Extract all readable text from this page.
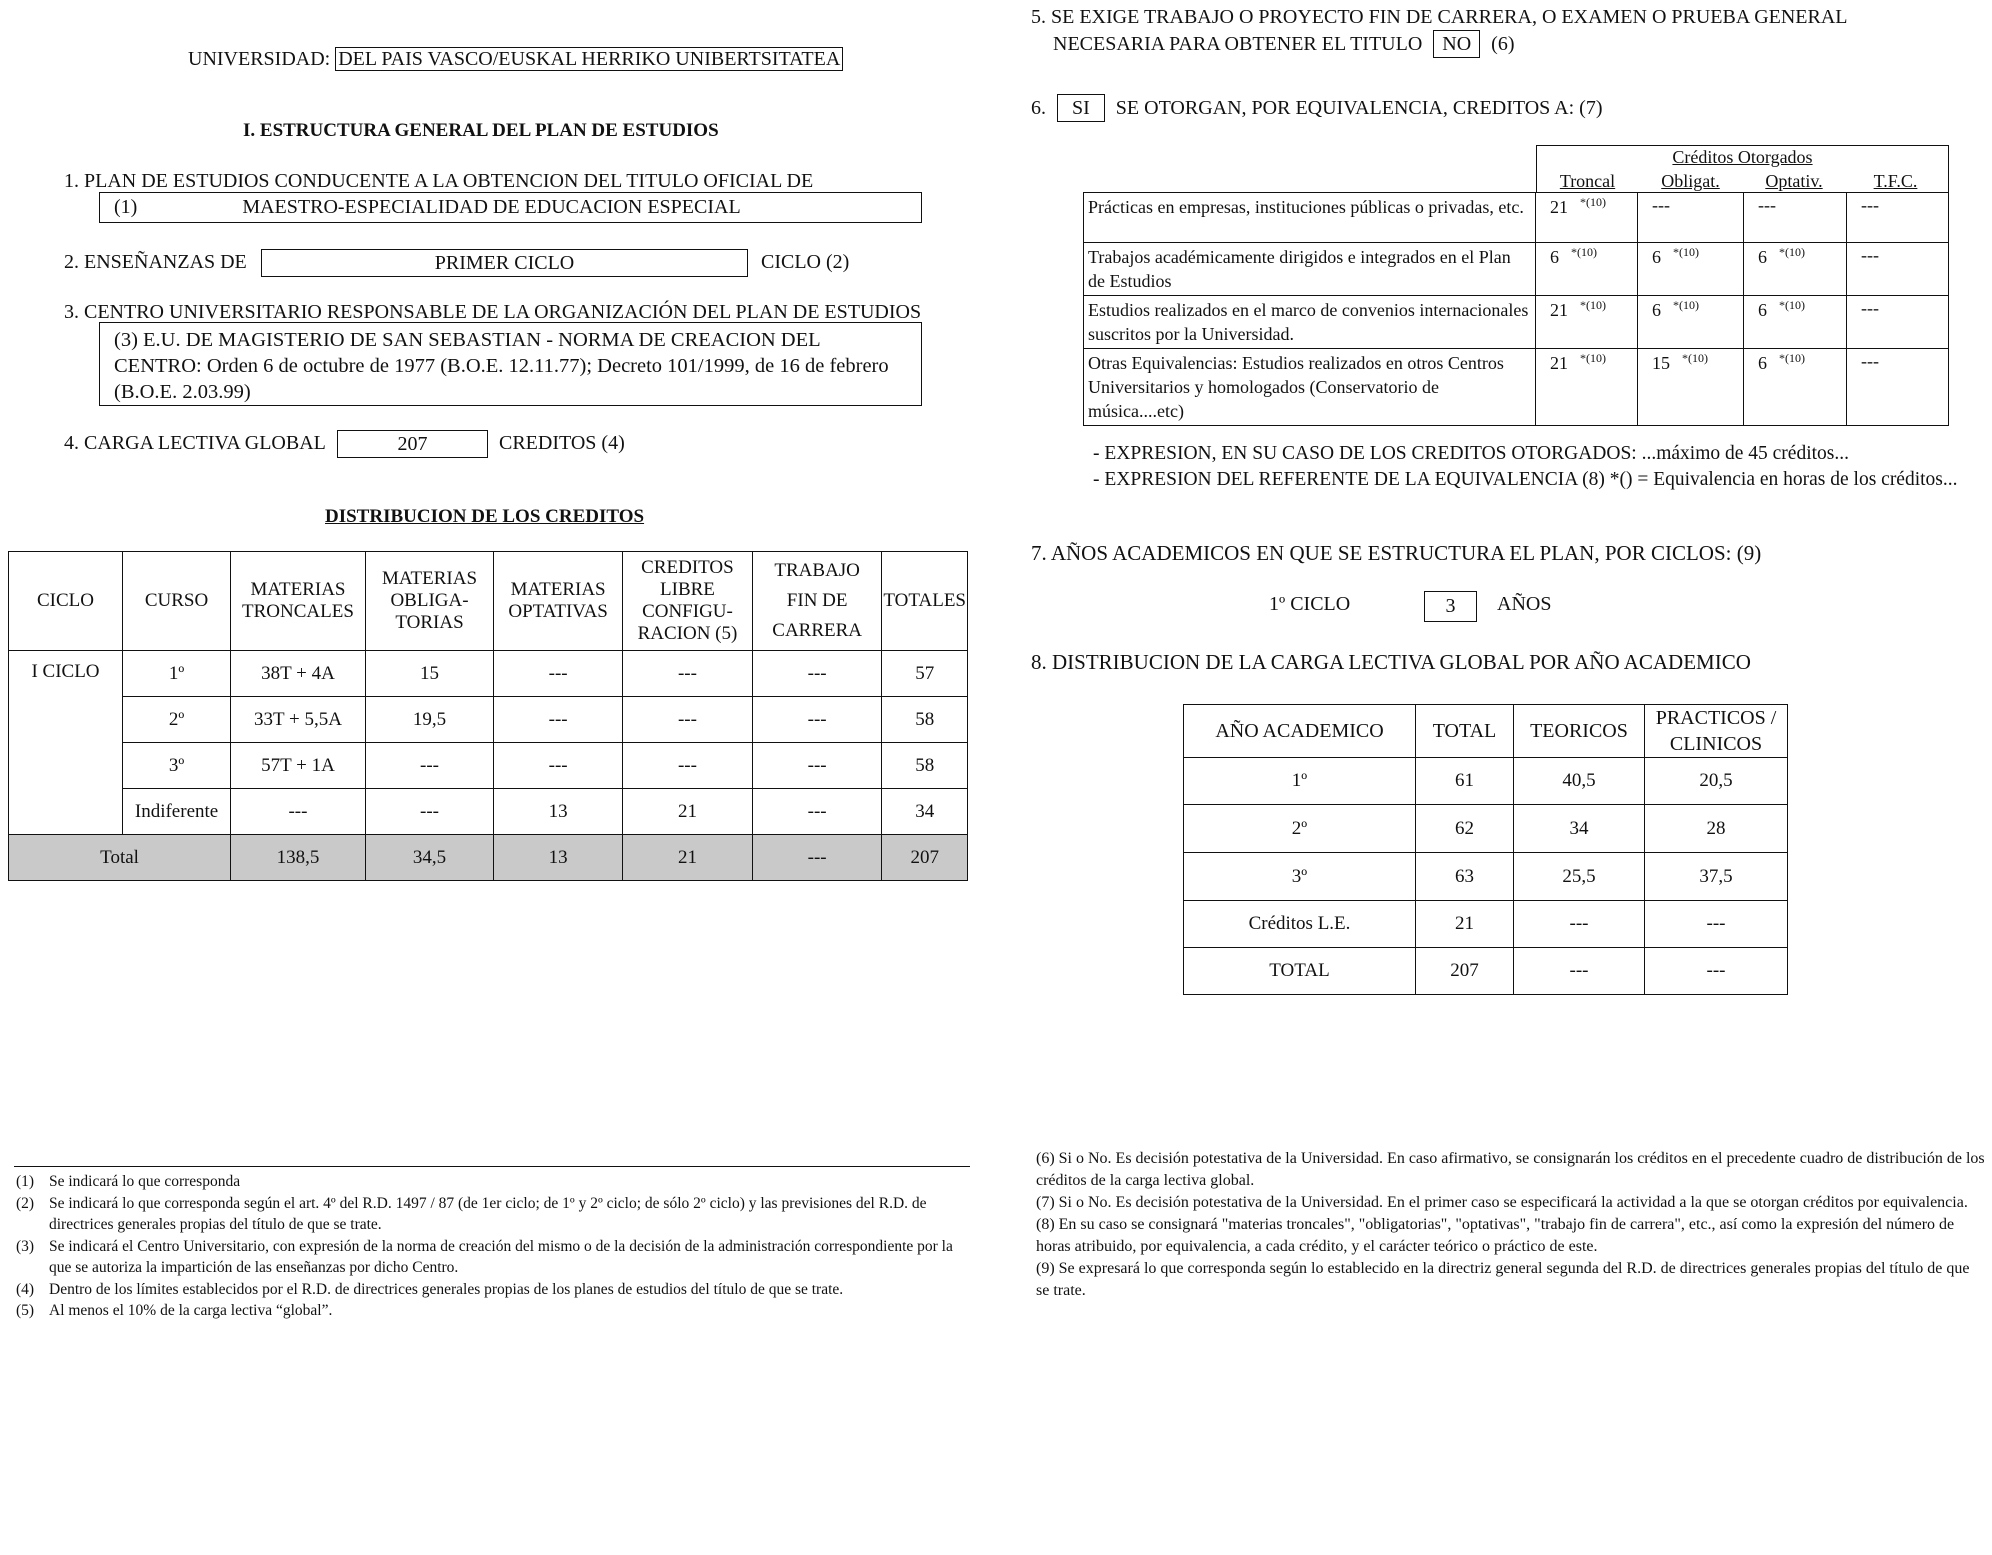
UNIVERSIDAD: DEL PAIS VASCO/EUSKAL HERRIKO UNIBERTSITATEA
I. ESTRUCTURA GENERAL DEL PLAN DE ESTUDIOS
1. PLAN DE ESTUDIOS CONDUCENTE A LA OBTENCION DEL TITULO OFICIAL DE
(1)	MAESTRO-ESPECIALIDAD DE EDUCACION ESPECIAL
2. ENSEÑANZAS DE	PRIMER CICLO	CICLO (2)
3. CENTRO UNIVERSITARIO RESPONSABLE DE LA ORGANIZACIÓN DEL PLAN DE ESTUDIOS
(3) E.U. DE MAGISTERIO DE SAN SEBASTIAN - NORMA DE CREACION DEL
CENTRO: Orden 6 de octubre de 1977 (B.O.E. 12.11.77); Decreto 101/1999, de 16 de febrero
(B.O.E. 2.03.99)
4. CARGA LECTIVA GLOBAL	207	CREDITOS (4)
DISTRIBUCION DE LOS CREDITOS
CICLO	CURSO	MATERIAS TRONCALES	MATERIAS OBLIGA-TORIAS	MATERIAS OPTATIVAS	CREDITOS LIBRE CONFIGU-RACION (5)	TRABAJO FIN DE CARRERA	TOTALES
I CICLO	1º	38T + 4A	15	---	---	---	57
	2º	33T + 5,5A	19,5	---	---	---	58
	3º	57T + 1A	---	---	---	---	58
	Indiferente	---	---	13	21	---	34
Total		138,5	34,5	13	21	---	207
(1) Se indicará lo que corresponda
(2) Se indicará lo que corresponda según el art. 4º del R.D. 1497 / 87 (de 1er ciclo; de 1º y 2º ciclo; de sólo 2º ciclo) y las previsiones del R.D. de directrices generales propias del título de que se trate.
(3) Se indicará el Centro Universitario, con expresión de la norma de creación del mismo o de la decisión de la administración correspondiente por la que se autoriza la impartición de las enseñanzas por dicho Centro.
(4) Dentro de los límites establecidos por el R.D. de directrices generales propias de los planes de estudios del título de que se trate.
(5) Al menos el 10% de la carga lectiva “global”.
5. SE EXIGE TRABAJO O PROYECTO FIN DE CARRERA, O EXAMEN O PRUEBA GENERAL
NECESARIA PARA OBTENER EL TITULO NO (6)
6. SI SE OTORGAN, POR EQUIVALENCIA, CREDITOS A: (7)
Créditos Otorgados
Troncal	Obligat.	Optativ.	T.F.C.
Prácticas en empresas, instituciones públicas o privadas, etc.	21 $^{*(10)}$	---	---	---
Trabajos académicamente dirigidos e integrados en el Plan de Estudios	6 $^{*(10)}$	6 $^{*(10)}$	6 $^{*(10)}$	---
Estudios realizados en el marco de convenios internacionales suscritos por la Universidad.	21 $^{*(10)}$	6 $^{*(10)}$	6 $^{*(10)}$	---
Otras Equivalencias: Estudios realizados en otros Centros Universitarios y homologados (Conservatorio de música....etc)	21 $^{*(10)}$	15 $^{*(10)}$	6 $^{*(10)}$	---
- EXPRESION, EN SU CASO DE LOS CREDITOS OTORGADOS: ...máximo de 45 créditos...
- EXPRESION DEL REFERENTE DE LA EQUIVALENCIA (8) *() = Equivalencia en horas de los créditos...
7. AÑOS ACADEMICOS EN QUE SE ESTRUCTURA EL PLAN, POR CICLOS: (9)
1º CICLO	3	AÑOS
8. DISTRIBUCION DE LA CARGA LECTIVA GLOBAL POR AÑO ACADEMICO
AÑO ACADEMICO	TOTAL	TEORICOS	PRACTICOS / CLINICOS
1º	61	40,5	20,5
2º	62	34	28
3º	63	25,5	37,5
Créditos L.E.	21	---	---
TOTAL	207	---	---
(6) Si o No. Es decisión potestativa de la Universidad. En caso afirmativo, se consignarán los créditos en el precedente cuadro de distribución de los créditos de la carga lectiva global.
(7) Si o No. Es decisión potestativa de la Universidad. En el primer caso se especificará la actividad a la que se otorgan créditos por equivalencia.
(8) En su caso se consignará "materias troncales", "obligatorias", "optativas", "trabajo fin de carrera", etc., así como la expresión del número de horas atribuido, por equivalencia, a cada crédito, y el carácter teórico o práctico de este.
(9) Se expresará lo que corresponda según lo establecido en la directriz general segunda del R.D. de directrices generales propias del título de que se trate.
